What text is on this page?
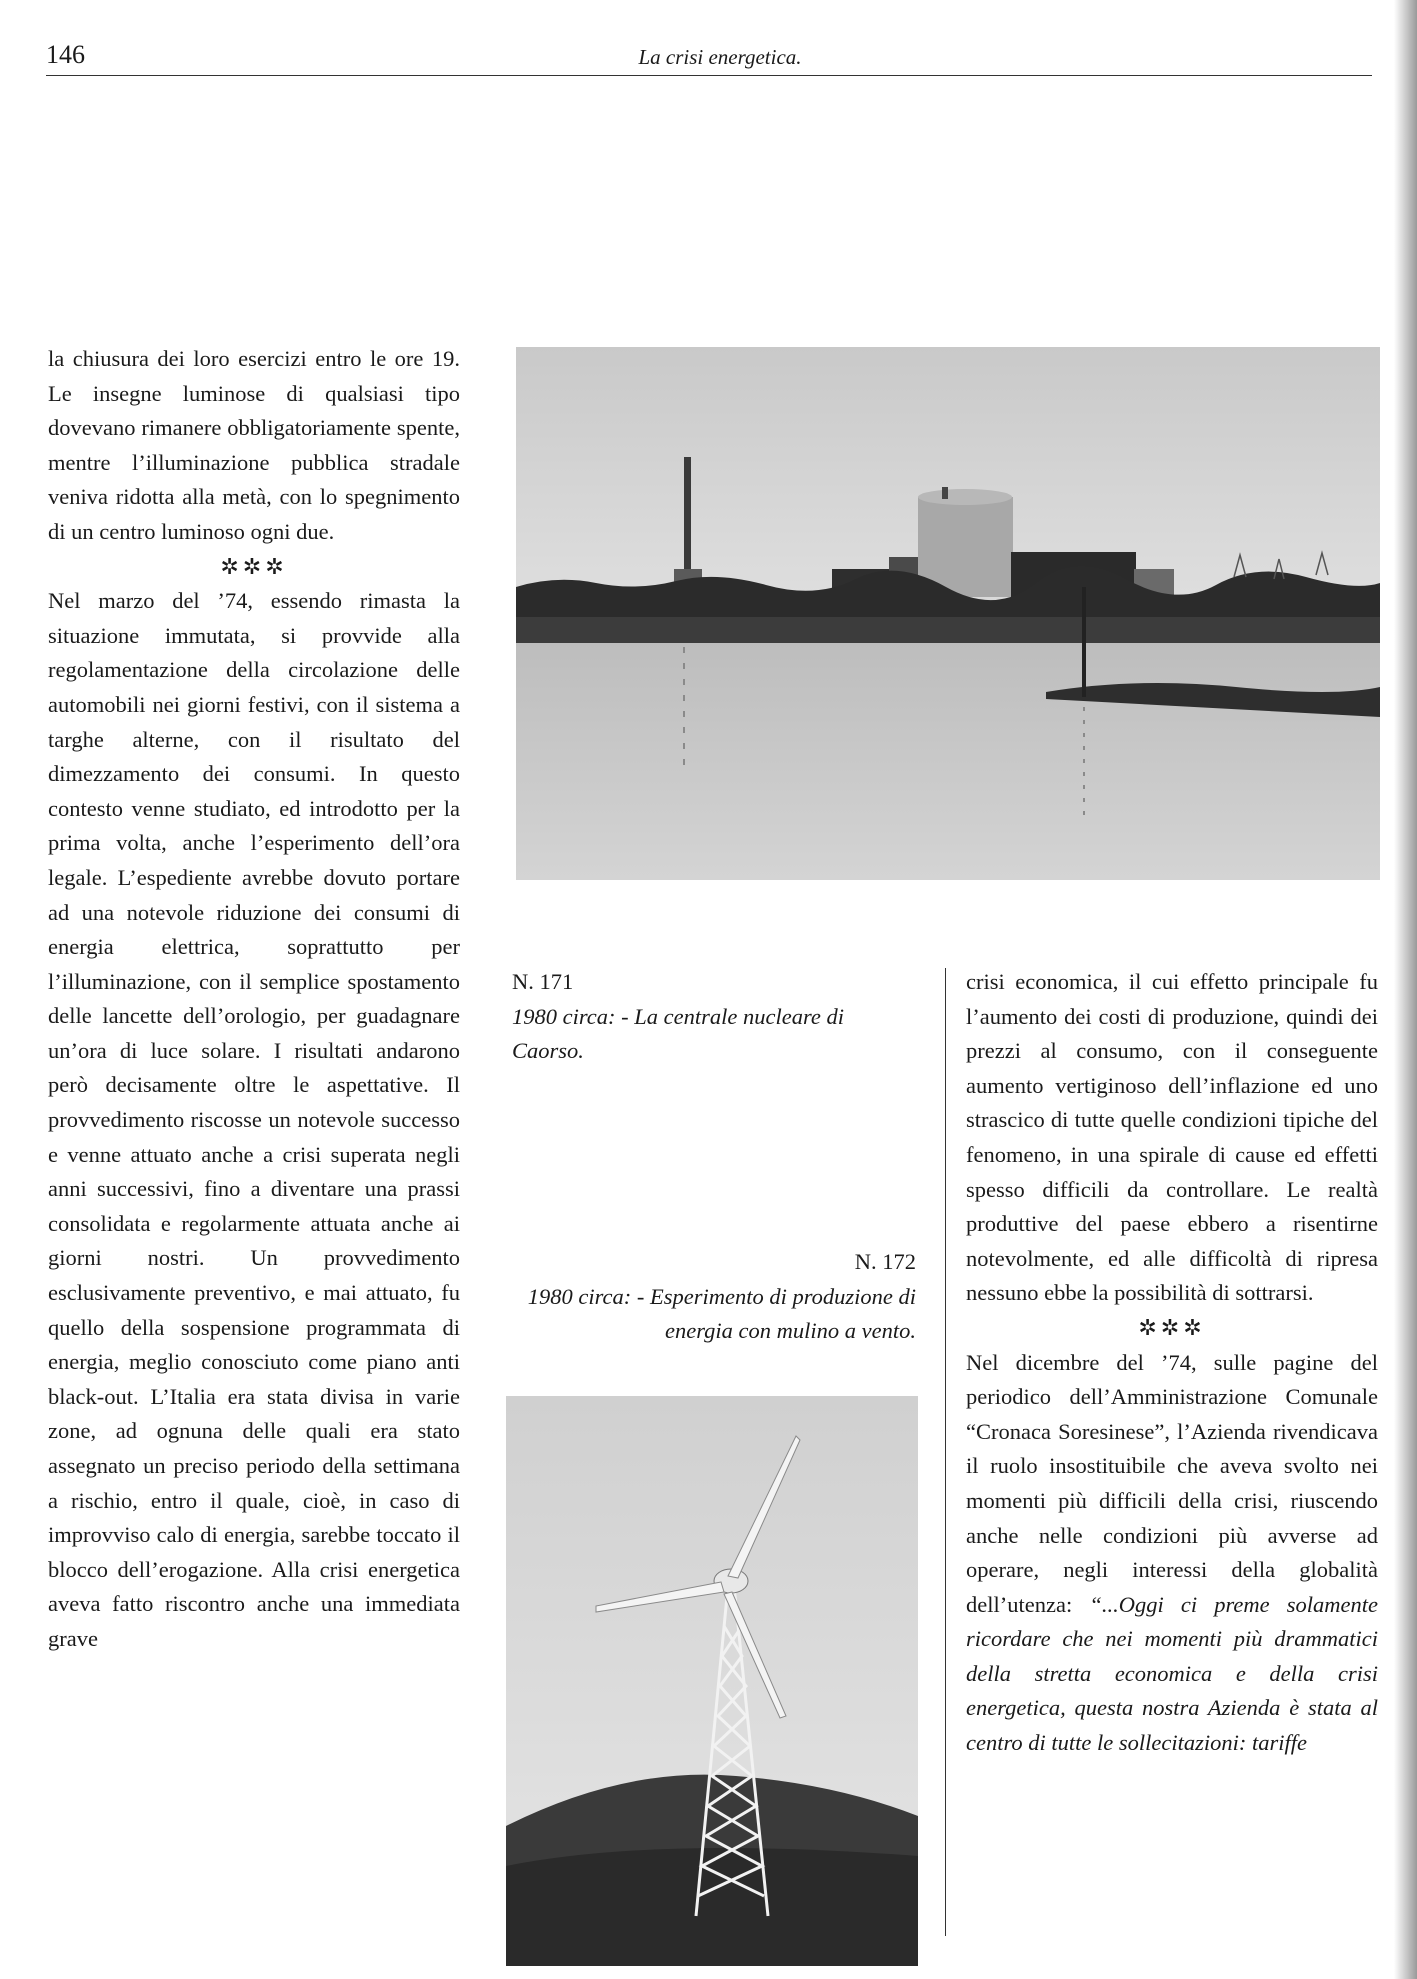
146	La crisi energetica.

la chiusura dei loro esercizi entro le ore 19. Le insegne luminose di qualsiasi tipo dovevano rimanere obbligatoriamente spente, mentre l’illuminazione pubblica stradale veniva ridotta alla metà, con lo spegnimento di un centro luminoso ogni due.

✲✲✲

Nel marzo del ’74, essendo rimasta la situazione immutata, si provvide alla regolamentazione della circolazione delle automobili nei giorni festivi, con il sistema a targhe alterne, con il risultato del dimezzamento dei consumi. In questo contesto venne studiato, ed introdotto per la prima volta, anche l’esperimento dell’ora legale. L’espediente avrebbe dovuto portare ad una notevole riduzione dei consumi di energia elettrica, soprattutto per l’illuminazione, con il semplice spostamento delle lancette dell’orologio, per guadagnare un’ora di luce solare. I risultati andarono però decisamente oltre le aspettative. Il provvedimento riscosse un notevole successo e venne attuato anche a crisi superata negli anni successivi, fino a diventare una prassi consolidata e regolarmente attuata anche ai giorni nostri. Un provvedimento esclusivamente preventivo, e mai attuato, fu quello della sospensione programmata di energia, meglio conosciuto come piano anti black-out. L’Italia era stata divisa in varie zone, ad ognuna delle quali era stato assegnato un preciso periodo della settimana a rischio, entro il quale, cioè, in caso di improvviso calo di energia, sarebbe toccato il blocco dell’erogazione. Alla crisi energetica aveva fatto riscontro anche una immediata grave

N. 171
1980 circa: - La centrale nucleare di Caorso.
N. 172
1980 circa: - Esperimento di produzione di energia con mulino a vento.

crisi economica, il cui effetto principale fu l’aumento dei costi di produzione, quindi dei prezzi al consumo, con il conseguente aumento vertiginoso dell’inflazione ed uno strascico di tutte quelle condizioni tipiche del fenomeno, in una spirale di cause ed effetti spesso difficili da controllare. Le realtà produttive del paese ebbero a risentirne notevolmente, ed alle difficoltà di ripresa nessuno ebbe la possibilità di sottrarsi.

✲✲✲

Nel dicembre del ’74, sulle pagine del periodico dell’Amministrazione Comunale “Cronaca Soresinese”, l’Azienda rivendicava il ruolo insostituibile che aveva svolto nei momenti più difficili della crisi, riuscendo anche nelle condizioni più avverse ad operare, negli interessi della globalità dell’utenza: “...Oggi ci preme solamente ricordare che nei momenti più drammatici della stretta economica e della crisi energetica, questa nostra Azienda è stata al centro di tutte le sollecitazioni: tariffe
